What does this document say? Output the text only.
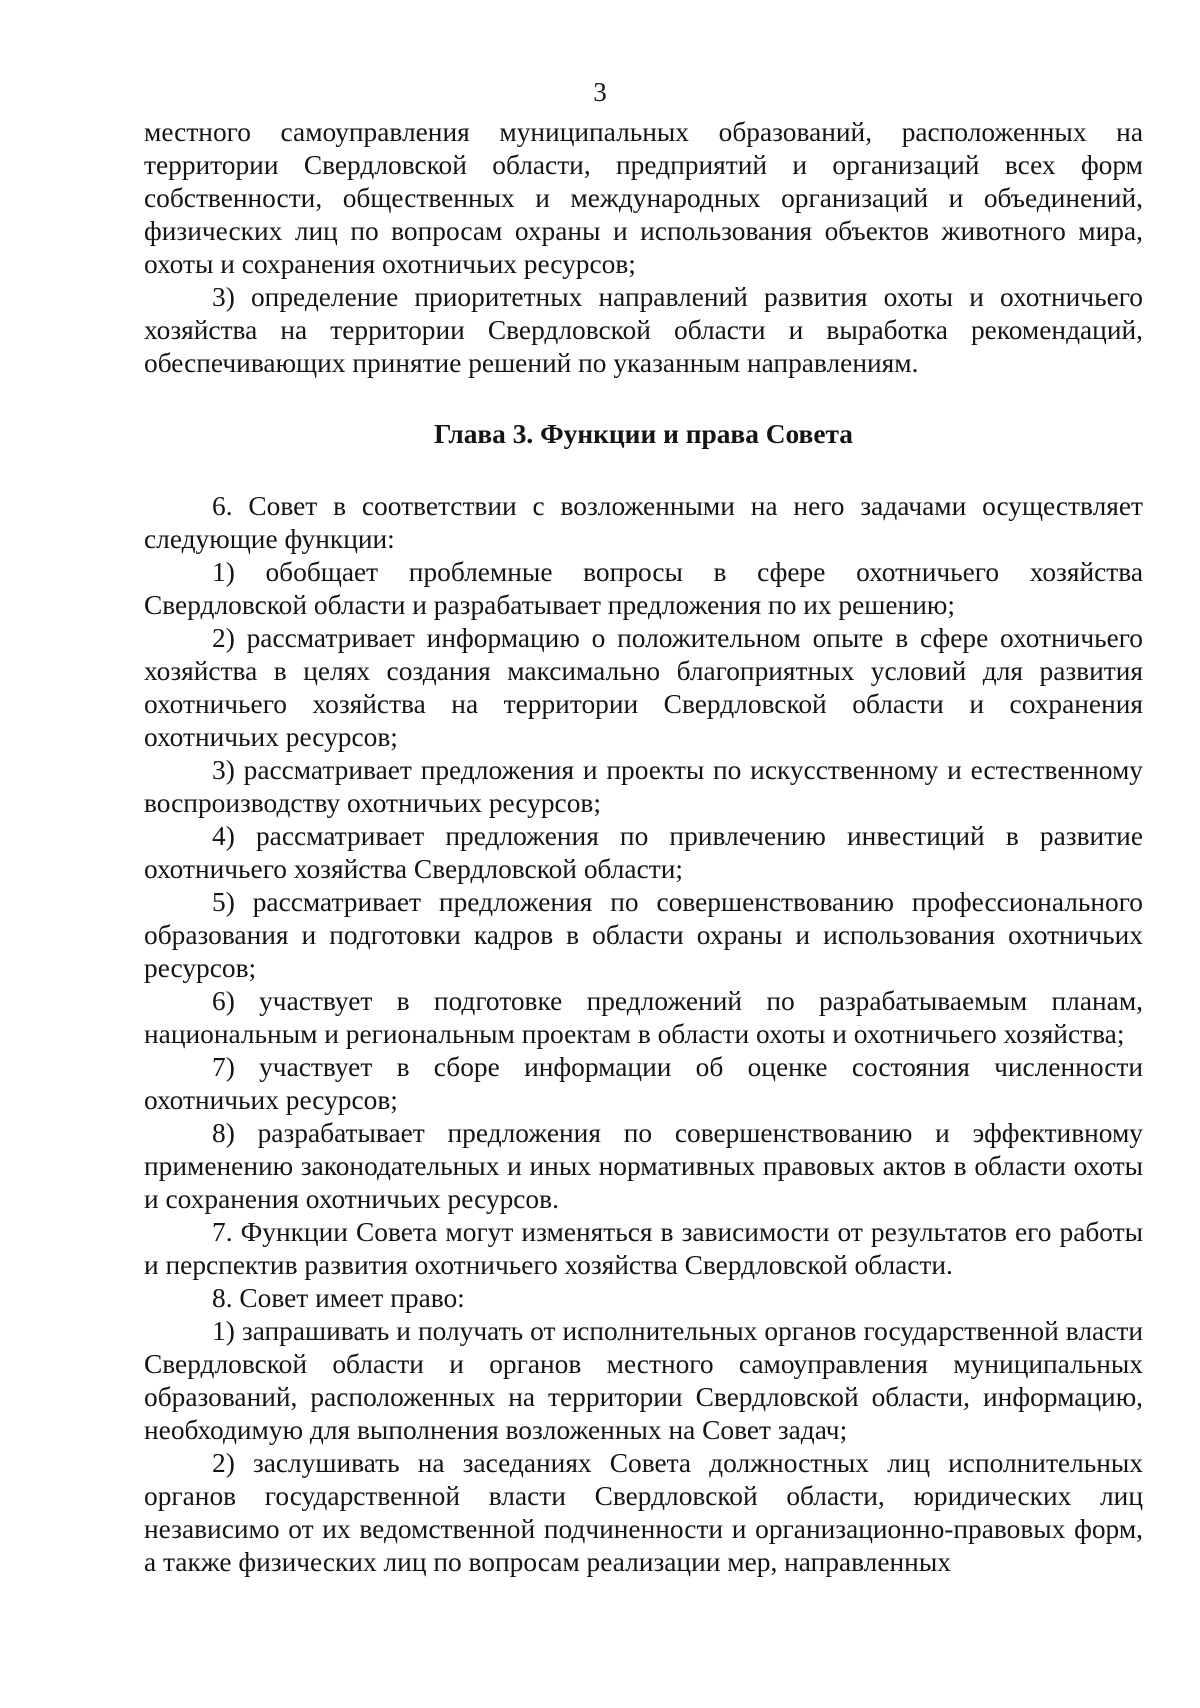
3

местного самоуправления муниципальных образований, расположенных на территории Свердловской области, предприятий и организаций всех форм собственности, общественных и международных организаций и объединений, физических лиц по вопросам охраны и использования объектов животного мира, охоты и сохранения охотничьих ресурсов;

3) определение приоритетных направлений развития охоты и охотничьего хозяйства на территории Свердловской области и выработка рекомендаций, обеспечивающих принятие решений по указанным направлениям.

Глава 3. Функции и права Совета

6. Совет в соответствии с возложенными на него задачами осуществляет следующие функции:

1) обобщает проблемные вопросы в сфере охотничьего хозяйства Свердловской области и разрабатывает предложения по их решению;

2) рассматривает информацию о положительном опыте в сфере охотничьего хозяйства в целях создания максимально благоприятных условий для развития охотничьего хозяйства на территории Свердловской области и сохранения охотничьих ресурсов;

3) рассматривает предложения и проекты по искусственному и естественному воспроизводству охотничьих ресурсов;

4) рассматривает предложения по привлечению инвестиций в развитие охотничьего хозяйства Свердловской области;

5) рассматривает предложения по совершенствованию профессионального образования и подготовки кадров в области охраны и использования охотничьих ресурсов;

6) участвует в подготовке предложений по разрабатываемым планам, национальным и региональным проектам в области охоты и охотничьего хозяйства;

7) участвует в сборе информации об оценке состояния численности охотничьих ресурсов;

8) разрабатывает предложения по совершенствованию и эффективному применению законодательных и иных нормативных правовых актов в области охоты и сохранения охотничьих ресурсов.

7. Функции Совета могут изменяться в зависимости от результатов его работы и перспектив развития охотничьего хозяйства Свердловской области.

8. Совет имеет право:

1) запрашивать и получать от исполнительных органов государственной власти Свердловской области и органов местного самоуправления муниципальных образований, расположенных на территории Свердловской области, информацию, необходимую для выполнения возложенных на Совет задач;

2) заслушивать на заседаниях Совета должностных лиц исполнительных органов государственной власти Свердловской области, юридических лиц независимо от их ведомственной подчиненности и организационно-правовых форм, а также физических лиц по вопросам реализации мер, направленных
